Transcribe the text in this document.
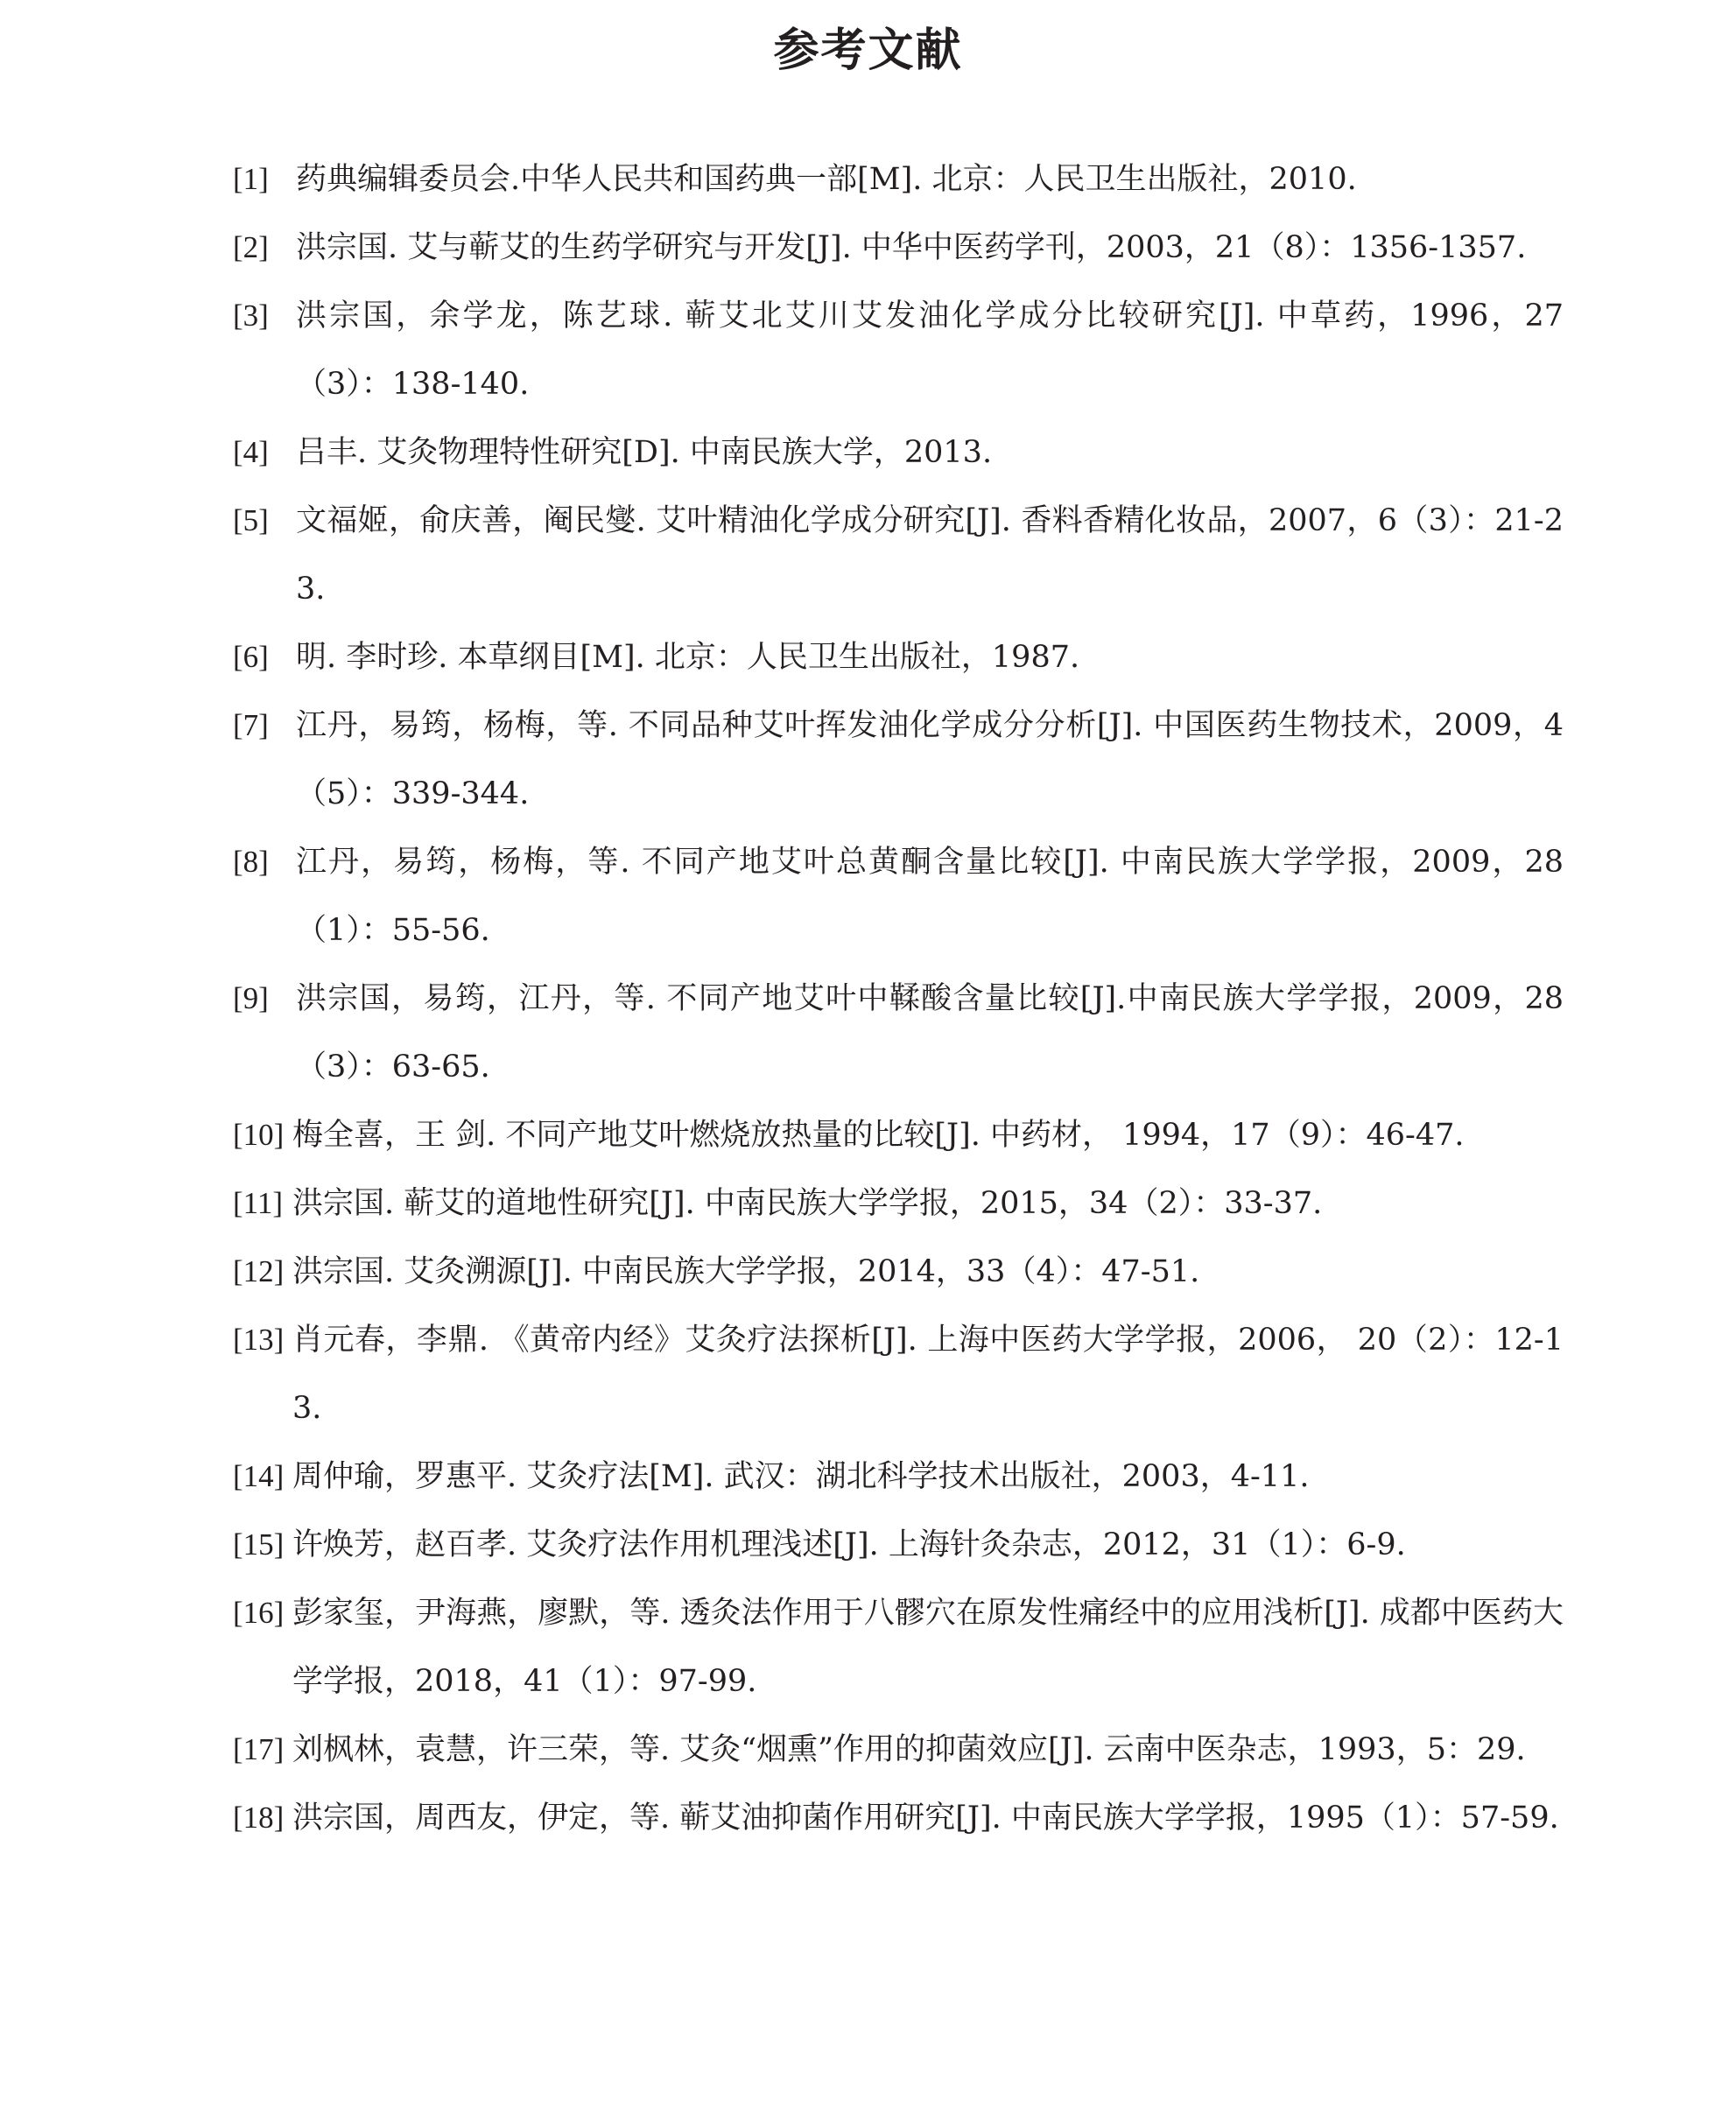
参考文献
[1] 药典编辑委员会.中华人民共和国药典一部[M]. 北京：人民卫生出版社，2010.
[2] 洪宗国. 艾与蕲艾的生药学研究与开发[J]. 中华中医药学刊，2003，21（8）：1356-1357.
[3] 洪宗国，余学龙，陈艺球. 蕲艾北艾川艾发油化学成分比较研究[J]. 中草药，1996，27（3）：138-140.
[4] 吕丰. 艾灸物理特性研究[D]. 中南民族大学，2013.
[5] 文福姬，俞庆善，阉民燮. 艾叶精油化学成分研究[J]. 香料香精化妆品，2007，6（3）：21-23.
[6] 明. 李时珍. 本草纲目[M]. 北京：人民卫生出版社，1987.
[7] 江丹，易筠，杨梅，等. 不同品种艾叶挥发油化学成分分析[J]. 中国医药生物技术，2009，4（5）：339-344.
[8] 江丹，易筠，杨梅，等. 不同产地艾叶总黄酮含量比较[J]. 中南民族大学学报，2009，28（1）：55-56.
[9] 洪宗国，易筠，江丹，等. 不同产地艾叶中鞣酸含量比较[J].中南民族大学学报，2009，28（3）：63-65.
[10] 梅全喜，王 剑. 不同产地艾叶燃烧放热量的比较[J]. 中药材， 1994，17（9）：46-47.
[11] 洪宗国. 蕲艾的道地性研究[J]. 中南民族大学学报，2015，34（2）：33-37.
[12] 洪宗国. 艾灸溯源[J]. 中南民族大学学报，2014，33（4）：47-51.
[13] 肖元春，李鼎. 《黄帝内经》艾灸疗法探析[J]. 上海中医药大学学报，2006， 20（2）：12-13.
[14] 周仲瑜，罗惠平. 艾灸疗法[M]. 武汉：湖北科学技术出版社，2003，4-11.
[15] 许焕芳，赵百孝. 艾灸疗法作用机理浅述[J]. 上海针灸杂志，2012，31（1）：6-9.
[16] 彭家玺，尹海燕，廖默，等. 透灸法作用于八髎穴在原发性痛经中的应用浅析[J]. 成都中医药大学学报，2018，41（1）：97-99.
[17] 刘枫林，袁慧，许三荣，等. 艾灸“烟熏”作用的抑菌效应[J]. 云南中医杂志，1993，5：29.
[18] 洪宗国，周西友，伊定，等. 蕲艾油抑菌作用研究[J]. 中南民族大学学报，1995（1）：57-59.
